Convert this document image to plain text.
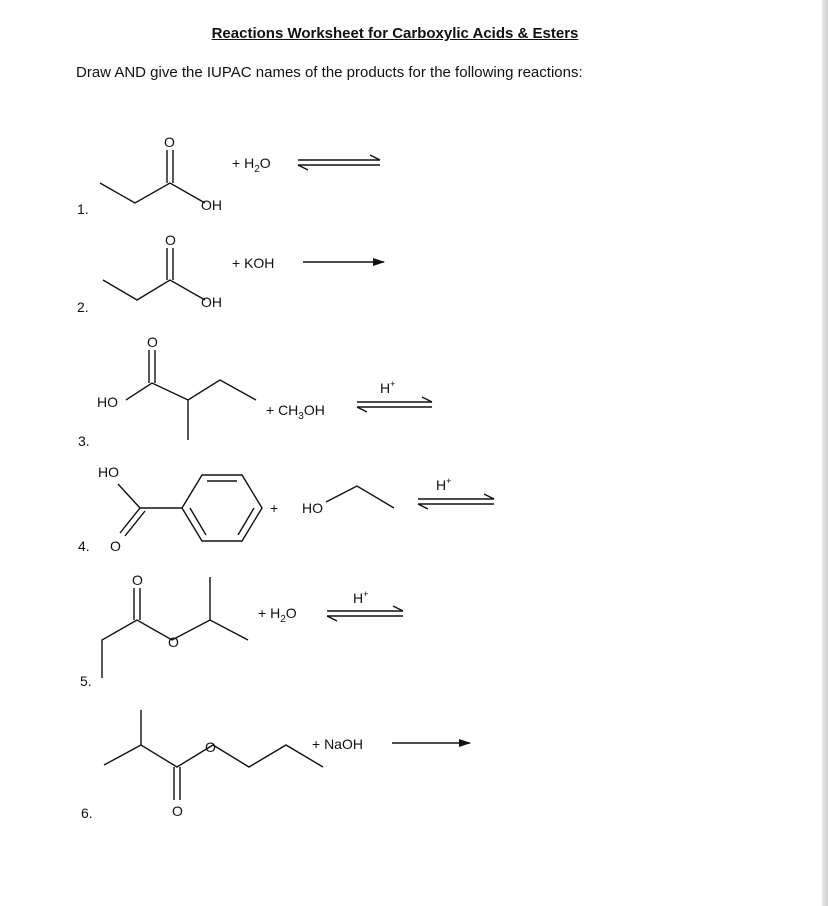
Reactions Worksheet for Carboxylic Acids & Esters
Draw AND give the IUPAC names of the products for the following reactions:
1.
O
OH
+ $H_2O$
2.
O
OH
+ KOH
3.
O
HO	+ $CH_3OH$
H+
4.
HO
O
+ HO
H+
5.
O
O
+ $H_2O$
H+
6.
O
O
+ NaOH
